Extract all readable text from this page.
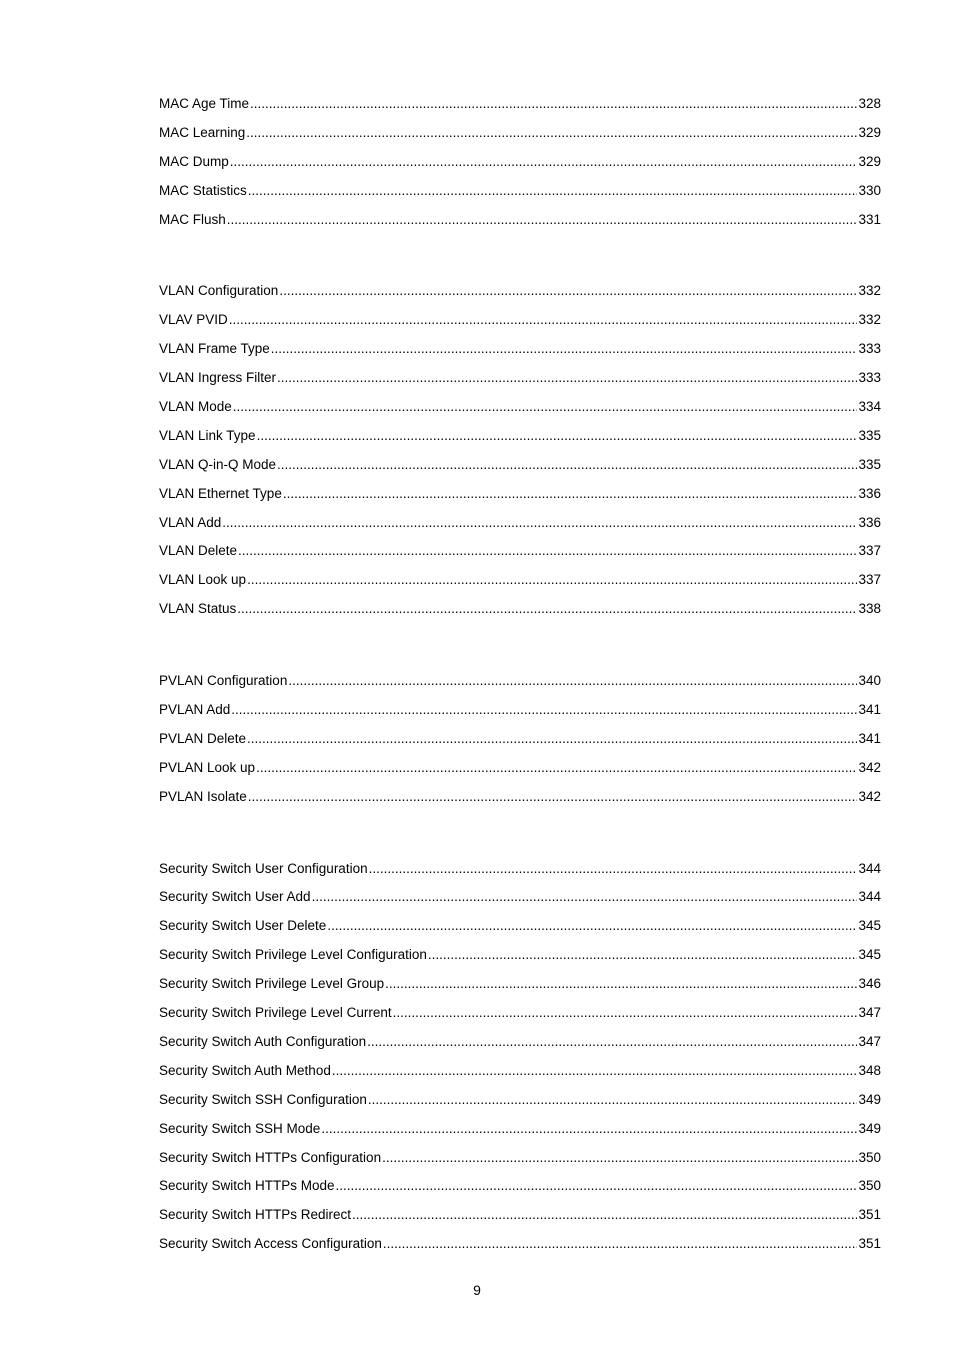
MAC Age Time .....	328
MAC Learning .....	329
MAC Dump .....	329
MAC Statistics .....	330
MAC Flush .....	331
VLAN Configuration .....	332
VLAV PVID .....	332
VLAN Frame Type .....	333
VLAN Ingress Filter .....	333
VLAN Mode .....	334
VLAN Link Type .....	335
VLAN Q-in-Q Mode .....	335
VLAN Ethernet Type .....	336
VLAN Add .....	336
VLAN Delete .....	337
VLAN Look up .....	337
VLAN Status .....	338
PVLAN Configuration .....	340
PVLAN Add .....	341
PVLAN Delete .....	341
PVLAN Look up .....	342
PVLAN Isolate .....	342
Security Switch User Configuration .....	344
Security Switch User Add .....	344
Security Switch User Delete .....	345
Security Switch Privilege Level Configuration .....	345
Security Switch Privilege Level Group .....	346
Security Switch Privilege Level Current .....	347
Security Switch Auth Configuration .....	347
Security Switch Auth Method .....	348
Security Switch SSH Configuration .....	349
Security Switch SSH Mode .....	349
Security Switch HTTPs Configuration .....	350
Security Switch HTTPs Mode .....	350
Security Switch HTTPs Redirect .....	351
Security Switch Access Configuration .....	351
9
